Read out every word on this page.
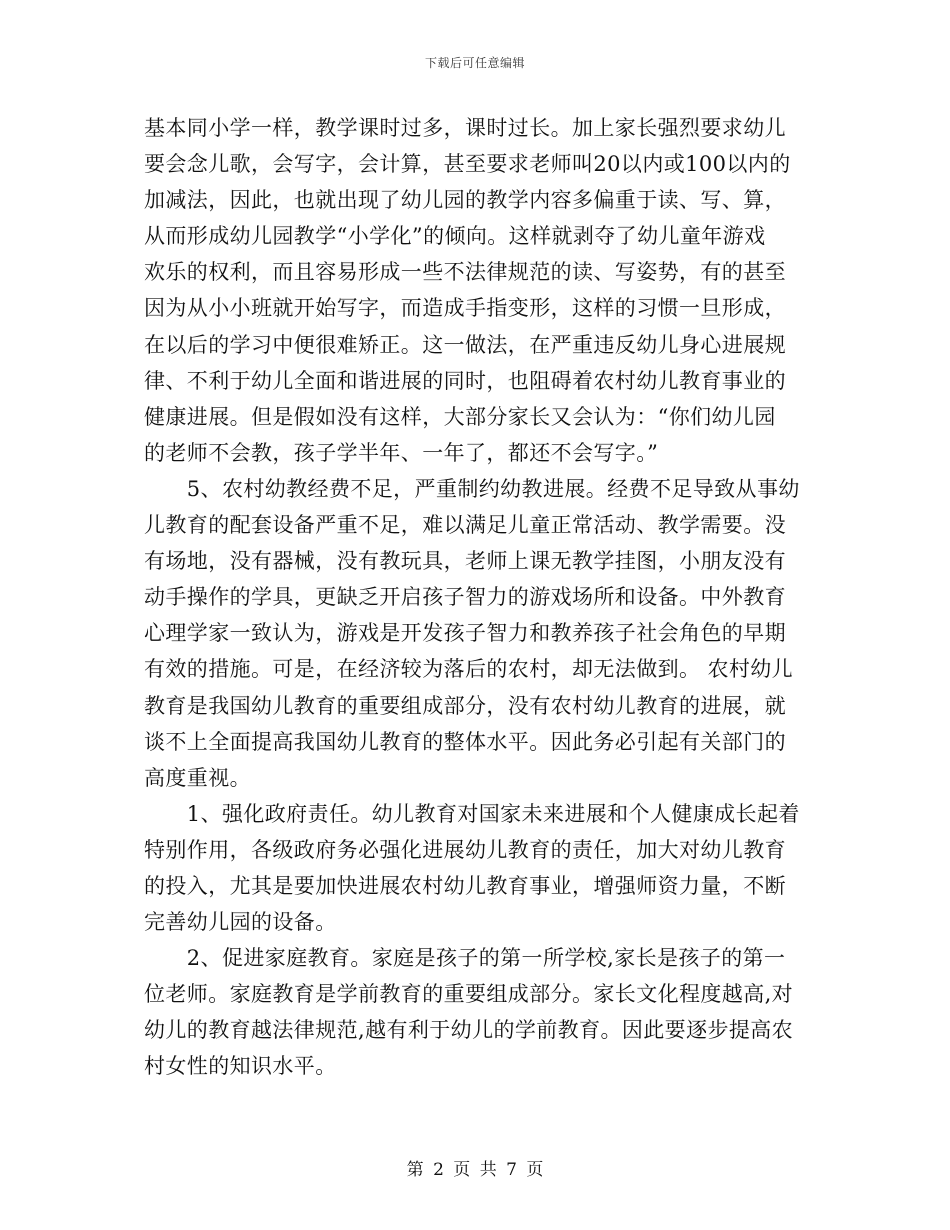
下载后可任意编辑
基本同小学一样，教学课时过多，课时过长。加上家长强烈要求幼儿
要会念儿歌，会写字，会计算，甚至要求老师叫20以内或100以内的
加减法，因此，也就出现了幼儿园的教学内容多偏重于读、写、算，
从而形成幼儿园教学“小学化”的倾向。这样就剥夺了幼儿童年游戏
欢乐的权利，而且容易形成一些不法律规范的读、写姿势，有的甚至
因为从小小班就开始写字，而造成手指变形，这样的习惯一旦形成，
在以后的学习中便很难矫正。这一做法，在严重违反幼儿身心进展规
律、不利于幼儿全面和谐进展的同时，也阻碍着农村幼儿教育事业的
健康进展。但是假如没有这样，大部分家长又会认为：“你们幼儿园
的老师不会教，孩子学半年、一年了，都还不会写字。”
　　5、农村幼教经费不足，严重制约幼教进展。经费不足导致从事幼
儿教育的配套设备严重不足，难以满足儿童正常活动、教学需要。没
有场地，没有器械，没有教玩具，老师上课无教学挂图，小朋友没有
动手操作的学具，更缺乏开启孩子智力的游戏场所和设备。中外教育
心理学家一致认为，游戏是开发孩子智力和教养孩子社会角色的早期
有效的措施。可是，在经济较为落后的农村，却无法做到。 农村幼儿
教育是我国幼儿教育的重要组成部分，没有农村幼儿教育的进展，就
谈不上全面提高我国幼儿教育的整体水平。因此务必引起有关部门的
高度重视。
　　1、强化政府责任。幼儿教育对国家未来进展和个人健康成长起着
特别作用，各级政府务必强化进展幼儿教育的责任，加大对幼儿教育
的投入，尤其是要加快进展农村幼儿教育事业，增强师资力量，不断
完善幼儿园的设备。
　　2、促进家庭教育。家庭是孩子的第一所学校,家长是孩子的第一
位老师。家庭教育是学前教育的重要组成部分。家长文化程度越高,对
幼儿的教育越法律规范,越有利于幼儿的学前教育。因此要逐步提高农
村女性的知识水平。
第 2 页 共 7 页
